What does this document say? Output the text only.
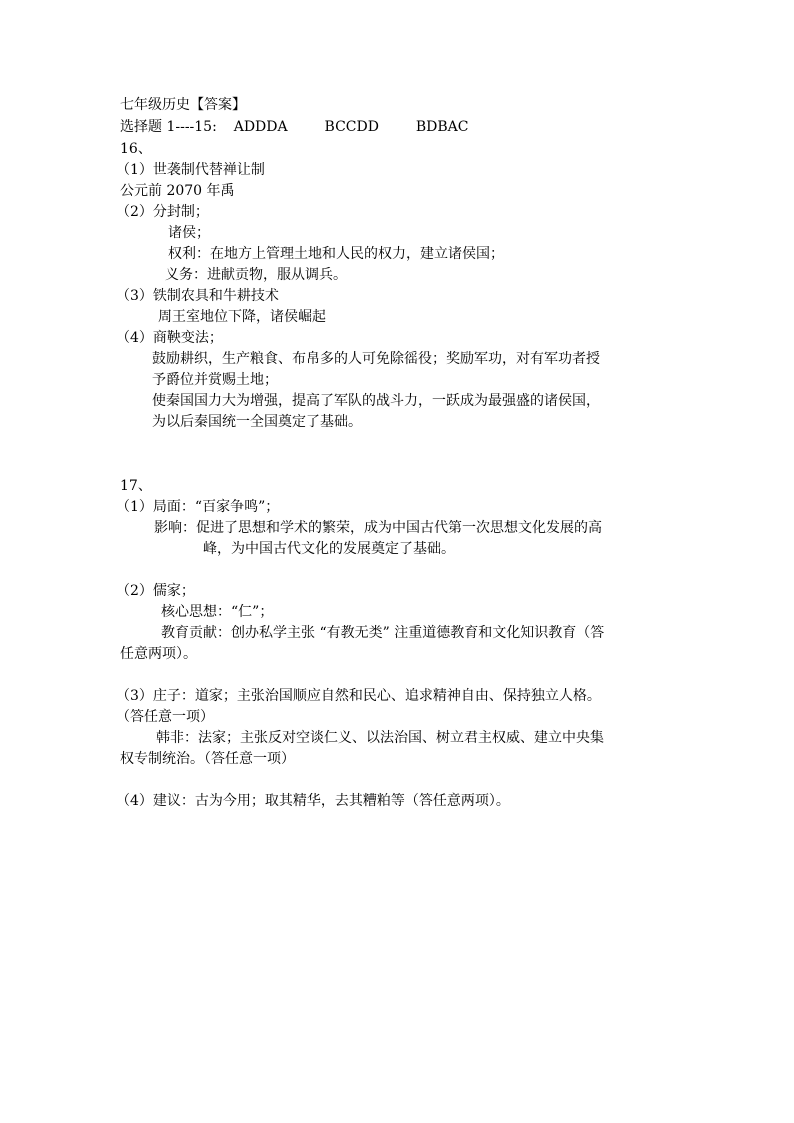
七年级历史【答案】
选择题 1----15: ADDDA	BCCDD	BDBAC
16、
（1）世袭制代替禅让制
公元前 2070 年禹
（2）分封制；
诸侯；
权利：在地方上管理土地和人民的权力，建立诸侯国；
义务：进献贡物，服从调兵。
（3）铁制农具和牛耕技术
周王室地位下降，诸侯崛起
（4）商鞅变法；
鼓励耕织，生产粮食、布帛多的人可免除徭役；奖励军功，对有军功者授
予爵位并赏赐土地；
使秦国国力大为增强，提高了军队的战斗力，一跃成为最强盛的诸侯国，
为以后秦国统一全国奠定了基础。
17、
（1）局面：“百家争鸣”；
影响：促进了思想和学术的繁荣，成为中国古代第一次思想文化发展的高
峰，为中国古代文化的发展奠定了基础。
（2）儒家；
核心思想：“仁”；
教育贡献：创办私学主张 “有教无类” 注重道德教育和文化知识教育（答
任意两项）。
（3）庄子：道家；主张治国顺应自然和民心、追求精神自由、保持独立人格。
（答任意一项）
韩非：法家；主张反对空谈仁义、以法治国、树立君主权威、建立中央集
权专制统治。（答任意一项）
（4）建议：古为今用；取其精华，去其糟粕等（答任意两项）。
